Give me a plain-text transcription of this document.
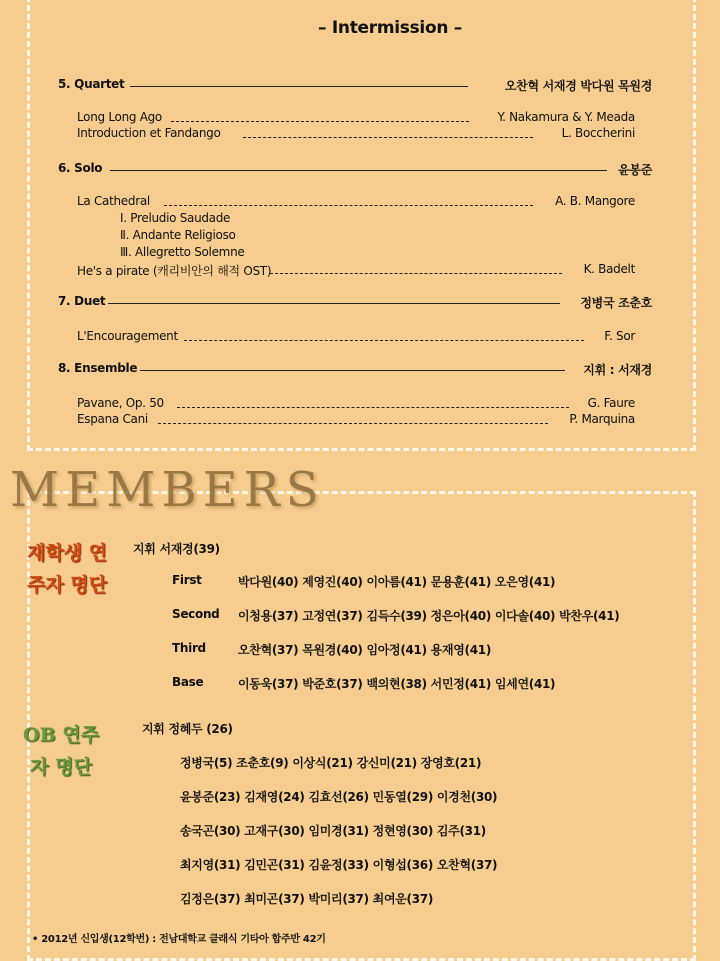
– Intermission –
5. Quartet	오찬혁 서재경 박다원 목원경
Long Long Ago	Y. Nakamura & Y. Meada
Introduction et Fandango	L. Boccherini
6. Solo	윤봉준
La Cathedral	A. B. Mangore
Ⅰ. Preludio Saudade
Ⅱ. Andante Religioso
Ⅲ. Allegretto Solemne
He's a pirate (캐리비안의 해적 OST)	K. Badelt
7. Duet	정병국 조춘호
L'Encouragement	F. Sor
8. Ensemble	지휘 : 서재경
Pavane, Op. 50	G. Faure
Espana Cani	P. Marquina
MEMBERS
재학생 연주자 명단
지휘 서재경(39)
First	박다원(40) 제영진(40) 이아름(41) 문용훈(41) 오은영(41)
Second 이청용(37) 고정연(37) 김득수(39) 정은아(40) 이다솔(40) 박찬우(41)
Third	오찬혁(37) 목원경(40) 임아정(41) 용재영(41)
Base	이동욱(37) 박준호(37) 백의현(38) 서민정(41) 임세연(41)
OB 연주자 명단
지휘 정혜두 (26)
정병국(5) 조춘호(9) 이상식(21) 강신미(21) 장영호(21)
윤봉준(23) 김재영(24) 김효선(26) 민동열(29) 이경천(30)
송국곤(30) 고재구(30) 임미경(31) 정현영(30) 김주(31)
최지영(31) 김민곤(31) 김윤정(33) 이형섭(36) 오찬혁(37)
김정은(37) 최미곤(37) 박미리(37) 최여운(37)
• 2012년 신입생(12학번) : 전남대학교 클래식 기타아 합주반 42기
